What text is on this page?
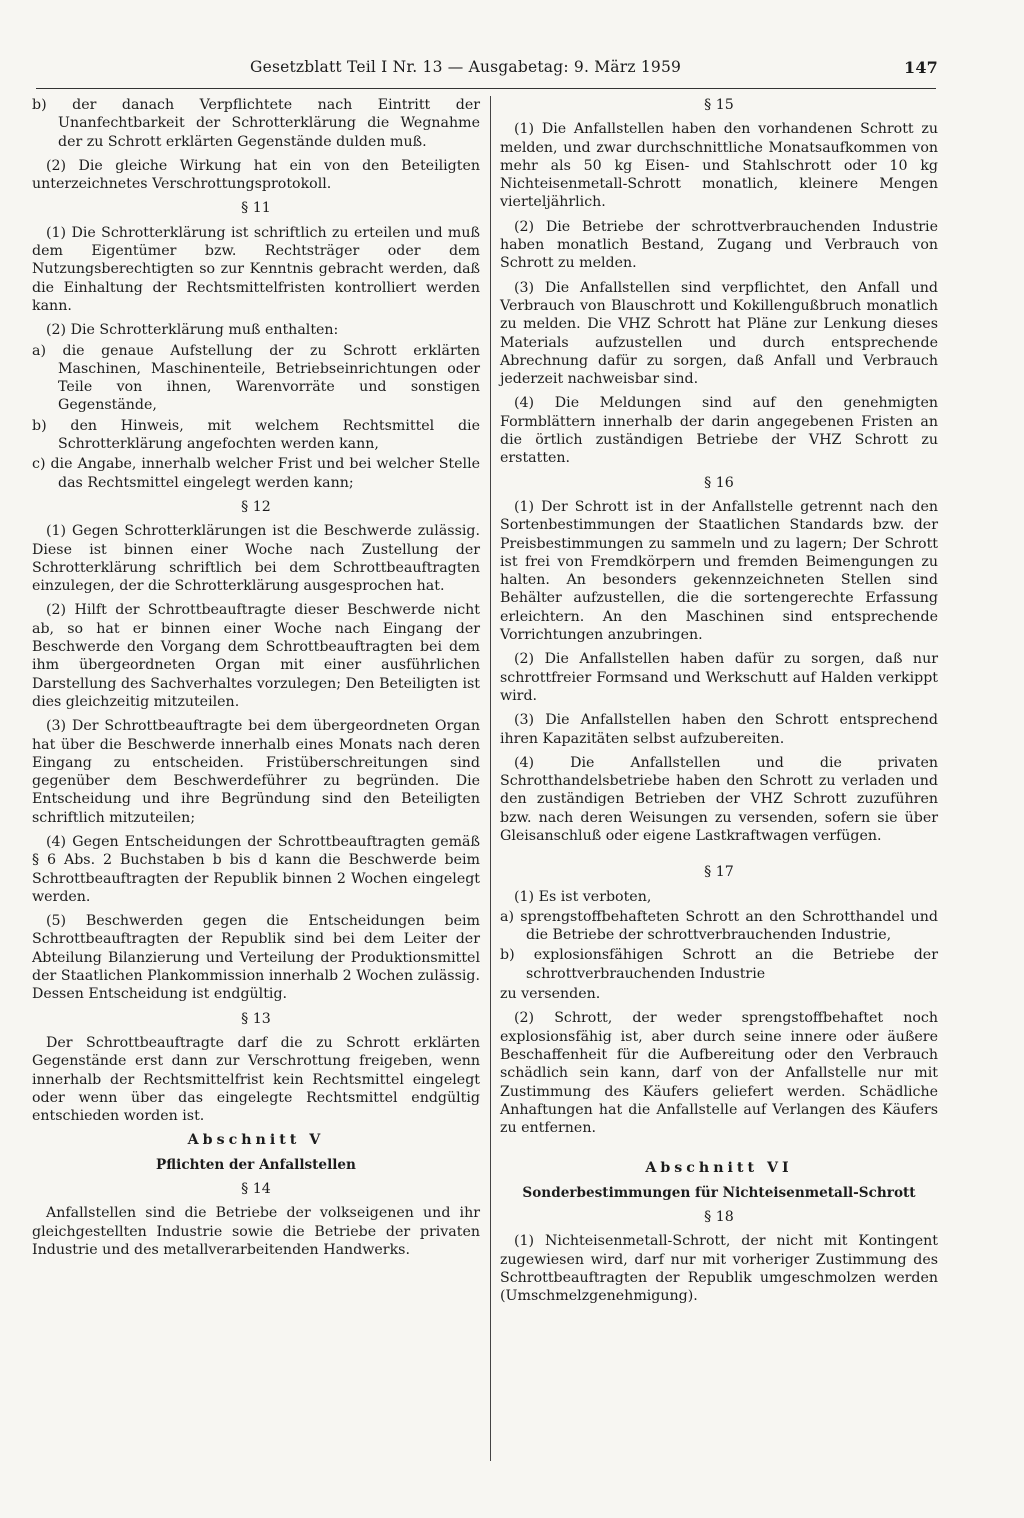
Gesetzblatt Teil I Nr. 13 — Ausgabetag: 9. März 1959	147

b) der danach Verpflichtete nach Eintritt der Unanfechtbarkeit der Schrotterklärung die Wegnahme der zu Schrott erklärten Gegenstände dulden muß.

(2) Die gleiche Wirkung hat ein von den Beteiligten unterzeichnetes Verschrottungsprotokoll.

§ 11

(1) Die Schrotterklärung ist schriftlich zu erteilen und muß dem Eigentümer bzw. Rechtsträger oder dem Nutzungsberechtigten so zur Kenntnis gebracht werden, daß die Einhaltung der Rechtsmittelfristen kontrolliert werden kann.

(2) Die Schrotterklärung muß enthalten:

a) die genaue Aufstellung der zu Schrott erklärten Maschinen, Maschinenteile, Betriebseinrichtungen oder Teile von ihnen, Warenvorräte und sonstigen Gegenstände,

b) den Hinweis, mit welchem Rechtsmittel die Schrotterklärung angefochten werden kann,

c) die Angabe, innerhalb welcher Frist und bei welcher Stelle das Rechtsmittel eingelegt werden kann;

§ 12

(1) Gegen Schrotterklärungen ist die Beschwerde zulässig. Diese ist binnen einer Woche nach Zustellung der Schrotterklärung schriftlich bei dem Schrottbeauftragten einzulegen, der die Schrotterklärung ausgesprochen hat.

(2) Hilft der Schrottbeauftragte dieser Beschwerde nicht ab, so hat er binnen einer Woche nach Eingang der Beschwerde den Vorgang dem Schrottbeauftragten bei dem ihm übergeordneten Organ mit einer ausführlichen Darstellung des Sachverhaltes vorzulegen; Den Beteiligten ist dies gleichzeitig mitzuteilen.

(3) Der Schrottbeauftragte bei dem übergeordneten Organ hat über die Beschwerde innerhalb eines Monats nach deren Eingang zu entscheiden. Fristüberschreitungen sind gegenüber dem Beschwerdeführer zu begründen. Die Entscheidung und ihre Begründung sind den Beteiligten schriftlich mitzuteilen;

(4) Gegen Entscheidungen der Schrottbeauftragten gemäß § 6 Abs. 2 Buchstaben b bis d kann die Beschwerde beim Schrottbeauftragten der Republik binnen 2 Wochen eingelegt werden.

(5) Beschwerden gegen die Entscheidungen beim Schrottbeauftragten der Republik sind bei dem Leiter der Abteilung Bilanzierung und Verteilung der Produktionsmittel der Staatlichen Plankommission innerhalb 2 Wochen zulässig. Dessen Entscheidung ist endgültig.

§ 13

Der Schrottbeauftragte darf die zu Schrott erklärten Gegenstände erst dann zur Verschrottung freigeben, wenn innerhalb der Rechtsmittelfrist kein Rechtsmittel eingelegt oder wenn über das eingelegte Rechtsmittel endgültig entschieden worden ist.

Abschnitt V

Pflichten der Anfallstellen

§ 14

Anfallstellen sind die Betriebe der volkseigenen und ihr gleichgestellten Industrie sowie die Betriebe der privaten Industrie und des metallverarbeitenden Handwerks.

§ 15

(1) Die Anfallstellen haben den vorhandenen Schrott zu melden, und zwar durchschnittliche Monatsaufkommen von mehr als 50 kg Eisen- und Stahlschrott oder 10 kg Nichteisenmetall-Schrott monatlich, kleinere Mengen vierteljährlich.

(2) Die Betriebe der schrottverbrauchenden Industrie haben monatlich Bestand, Zugang und Verbrauch von Schrott zu melden.

(3) Die Anfallstellen sind verpflichtet, den Anfall und Verbrauch von Blauschrott und Kokillengußbruch monatlich zu melden. Die VHZ Schrott hat Pläne zur Lenkung dieses Materials aufzustellen und durch entsprechende Abrechnung dafür zu sorgen, daß Anfall und Verbrauch jederzeit nachweisbar sind.

(4) Die Meldungen sind auf den genehmigten Formblättern innerhalb der darin angegebenen Fristen an die örtlich zuständigen Betriebe der VHZ Schrott zu erstatten.

§ 16

(1) Der Schrott ist in der Anfallstelle getrennt nach den Sortenbestimmungen der Staatlichen Standards bzw. der Preisbestimmungen zu sammeln und zu lagern; Der Schrott ist frei von Fremdkörpern und fremden Beimengungen zu halten. An besonders gekennzeichneten Stellen sind Behälter aufzustellen, die die sortengerechte Erfassung erleichtern. An den Maschinen sind entsprechende Vorrichtungen anzubringen.

(2) Die Anfallstellen haben dafür zu sorgen, daß nur schrottfreier Formsand und Werkschutt auf Halden verkippt wird.

(3) Die Anfallstellen haben den Schrott entsprechend ihren Kapazitäten selbst aufzubereiten.

(4) Die Anfallstellen und die privaten Schrotthandelsbetriebe haben den Schrott zu verladen und den zuständigen Betrieben der VHZ Schrott zuzuführen bzw. nach deren Weisungen zu versenden, sofern sie über Gleisanschluß oder eigene Lastkraftwagen verfügen.

§ 17

(1) Es ist verboten,

a) sprengstoffbehafteten Schrott an den Schrotthandel und die Betriebe der schrottverbrauchenden Industrie,

b) explosionsfähigen Schrott an die Betriebe der schrottverbrauchenden Industrie

zu versenden.

(2) Schrott, der weder sprengstoffbehaftet noch explosionsfähig ist, aber durch seine innere oder äußere Beschaffenheit für die Aufbereitung oder den Verbrauch schädlich sein kann, darf von der Anfallstelle nur mit Zustimmung des Käufers geliefert werden. Schädliche Anhaftungen hat die Anfallstelle auf Verlangen des Käufers zu entfernen.

Abschnitt VI

Sonderbestimmungen für Nichteisenmetall-Schrott

§ 18

(1) Nichteisenmetall-Schrott, der nicht mit Kontingent zugewiesen wird, darf nur mit vorheriger Zustimmung des Schrottbeauftragten der Republik umgeschmolzen werden (Umschmelzgenehmigung).
